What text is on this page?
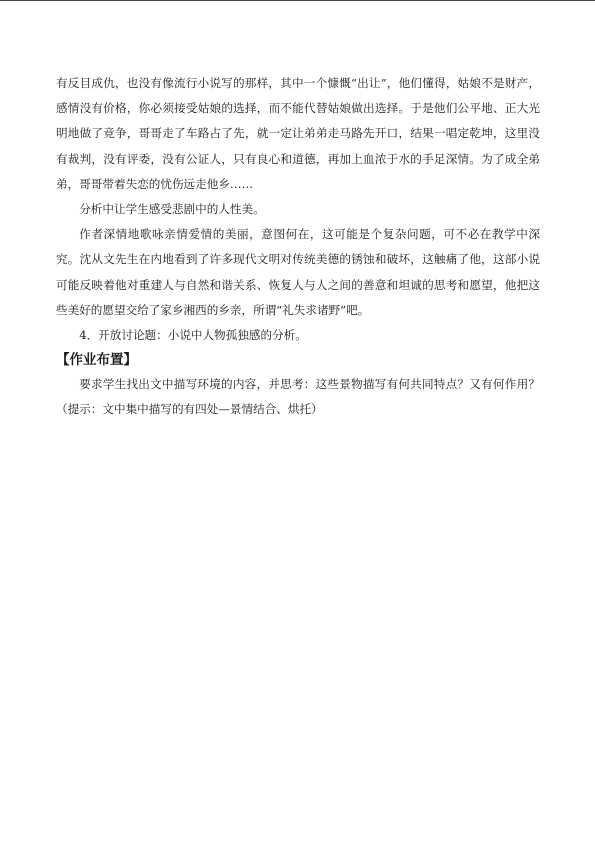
有反目成仇，也没有像流行小说写的那样，其中一个慷慨“出让”，他们懂得，姑娘不是财产，感情没有价格，你必须接受姑娘的选择，而不能代替姑娘做出选择。于是他们公平地、正大光明地做了竞争，哥哥走了车路占了先，就一定让弟弟走马路先开口，结果一唱定乾坤，这里没有裁判，没有评委，没有公证人，只有良心和道德，再加上血浓于水的手足深情。为了成全弟弟，哥哥带着失恋的忧伤远走他乡……

分析中让学生感受悲剧中的人性美。

作者深情地歌咏亲情爱情的美丽，意图何在，这可能是个复杂问题，可不必在教学中深究。沈从文先生在内地看到了许多现代文明对传统美德的锈蚀和破坏，这触痛了他，这部小说可能反映着他对重建人与自然和谐关系、恢复人与人之间的善意和坦诚的思考和愿望，他把这些美好的愿望交给了家乡湘西的乡亲，所谓“礼失求诸野”吧。

4．开放讨论题：小说中人物孤独感的分析。

【作业布置】

要求学生找出文中描写环境的内容，并思考：这些景物描写有何共同特点？又有何作用？（提示：文中集中描写的有四处—景情结合、烘托）
